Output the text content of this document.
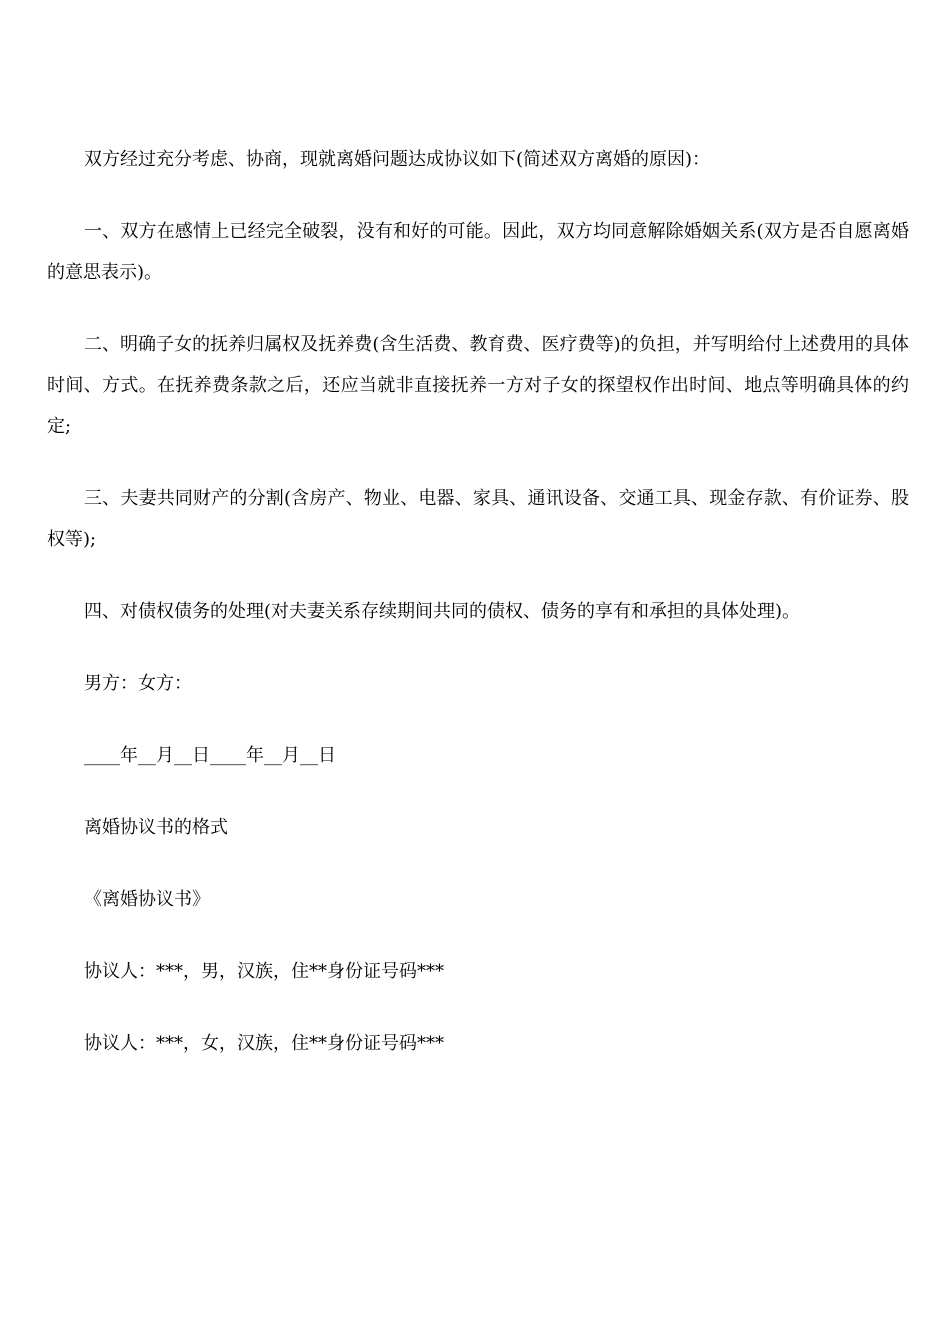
双方经过充分考虑、协商，现就离婚问题达成协议如下(简述双方离婚的原因)：

一、双方在感情上已经完全破裂，没有和好的可能。因此，双方均同意解除婚姻关系(双方是否自愿离婚的意思表示)。

二、明确子女的抚养归属权及抚养费(含生活费、教育费、医疗费等)的负担，并写明给付上述费用的具体时间、方式。在抚养费条款之后，还应当就非直接抚养一方对子女的探望权作出时间、地点等明确具体的约定;

三、夫妻共同财产的分割(含房产、物业、电器、家具、通讯设备、交通工具、现金存款、有价证券、股权等);

四、对债权债务的处理(对夫妻关系存续期间共同的债权、债务的享有和承担的具体处理)。

男方：女方：

____年__月__日____年__月__日

离婚协议书的格式

《离婚协议书》

协议人：***，男，汉族，住**身份证号码***

协议人：***，女，汉族，住**身份证号码***
